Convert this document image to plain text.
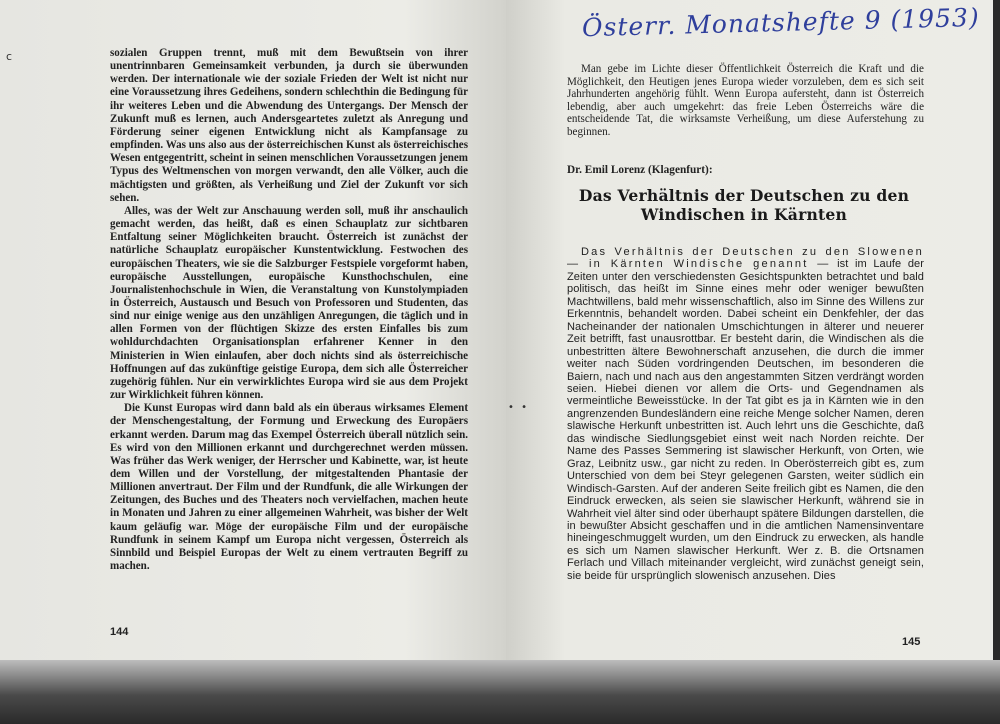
c	sozialen Gruppen trennt, muß mit dem Bewußtsein von ihrer unentrinnbaren Gemeinsamkeit verbunden, ja durch sie überwunden werden. Der internationale wie der soziale Frieden der Welt ist nicht nur eine Voraussetzung ihres Gedeihens, sondern schlechthin die Bedingung für ihr weiteres Leben und die Abwendung des Untergangs. Der Mensch der Zukunft muß es lernen, auch Andersgeartetes zuletzt als Anregung und Förderung seiner eigenen Entwicklung nicht als Kampfansage zu empfinden. Was uns also aus der österreichischen Kunst als österreichisches Wesen entgegentritt, scheint in seinen menschlichen Voraussetzungen jenem Typus des Weltmenschen von morgen verwandt, den alle Völker, auch die mächtigsten und größten, als Verheißung und Ziel der Zukunft vor sich sehen.

Alles, was der Welt zur Anschauung werden soll, muß ihr anschaulich gemacht werden, das heißt, daß es einen Schauplatz zur sichtbaren Entfaltung seiner Möglichkeiten braucht. Österreich ist zunächst der natürliche Schauplatz europäischer Kunstentwicklung. Festwochen des europäischen Theaters, wie sie die Salzburger Festspiele vorgeformt haben, europäische Ausstellungen, europäische Kunsthochschulen, eine Journalistenhochschule in Wien, die Veranstaltung von Kunstolympiaden in Österreich, Austausch und Besuch von Professoren und Studenten, das sind nur einige wenige aus den unzähligen Anregungen, die täglich und in allen Formen von der flüchtigen Skizze des ersten Einfalles bis zum wohldurchdachten Organisationsplan erfahrener Kenner in den Ministerien in Wien einlaufen, aber doch nichts sind als österreichische Hoffnungen auf das zukünftige geistige Europa, dem sich alle Österreicher zugehörig fühlen. Nur ein verwirklichtes Europa wird sie aus dem Projekt zur Wirklichkeit führen können.

Die Kunst Europas wird dann bald als ein überaus wirksames Element der Menschengestaltung, der Formung und Erweckung des Europäers erkannt werden. Darum mag das Exempel Österreich überall nützlich sein. Es wird von den Millionen erkannt und durchgerechnet werden müssen. Was früher das Werk weniger, der Herrscher und Kabinette, war, ist heute dem Willen und der Vorstellung, der mitgestaltenden Phantasie der Millionen anvertraut. Der Film und der Rundfunk, die alle Wirkungen der Zeitungen, des Buches und des Theaters noch vervielfachen, machen heute in Monaten und Jahren zu einer allgemeinen Wahrheit, was bisher der Welt kaum geläufig war. Möge der europäische Film und der europäische Rundfunk in seinem Kampf um Europa nicht vergessen, Österreich als Sinnbild und Beispiel Europas der Welt zu einem vertrauten Begriff zu machen.

144
• •
Österr. Monatshefte 9 (1953)

Man gebe im Lichte dieser Öffentlichkeit Österreich die Kraft und die Möglichkeit, den Heutigen jenes Europa wieder vorzuleben, dem es sich seit Jahrhunderten angehörig fühlt. Wenn Europa aufersteht, dann ist Österreich lebendig, aber auch umgekehrt: das freie Leben Österreichs wäre die entscheidende Tat, die wirksamste Verheißung, um diese Auferstehung zu beginnen.

Dr. Emil Lorenz (Klagenfurt):
Das Verhältnis der Deutschen zu den Windischen in Kärnten

Das Verhältnis der Deutschen zu den Slowenen — in Kärnten Windische genannt — ist im Laufe der Zeiten unter den verschiedensten Gesichtspunkten betrachtet und bald politisch, das heißt im Sinne eines mehr oder weniger bewußten Machtwillens, bald mehr wissenschaftlich, also im Sinne des Willens zur Erkenntnis, behandelt worden. Dabei scheint ein Denkfehler, der das Nacheinander der nationalen Umschichtungen in älterer und neuerer Zeit betrifft, fast unausrottbar. Er besteht darin, die Windischen als die unbestritten ältere Bewohnerschaft anzusehen, die durch die immer weiter nach Süden vordringenden Deutschen, im besonderen die Baiern, nach und nach aus den angestammten Sitzen verdrängt worden seien. Hiebei dienen vor allem die Orts- und Gegendnamen als vermeintliche Beweisstücke. In der Tat gibt es ja in Kärnten wie in den angrenzenden Bundesländern eine reiche Menge solcher Namen, deren slawische Herkunft unbestritten ist. Auch lehrt uns die Geschichte, daß das windische Siedlungsgebiet einst weit nach Norden reichte. Der Name des Passes Semmering ist slawischer Herkunft, von Orten, wie Graz, Leibnitz usw., gar nicht zu reden. In Oberösterreich gibt es, zum Unterschied von dem bei Steyr gelegenen Garsten, weiter südlich ein Windisch-Garsten. Auf der anderen Seite freilich gibt es Namen, die den Eindruck erwecken, als seien sie slawischer Herkunft, während sie in Wahrheit viel älter sind oder überhaupt spätere Bildungen darstellen, die in bewußter Absicht geschaffen und in die amtlichen Namensinventare hineingeschmuggelt wurden, um den Eindruck zu erwecken, als handle es sich um Namen slawischer Herkunft. Wer z. B. die Ortsnamen Ferlach und Villach miteinander vergleicht, wird zunächst geneigt sein, sie beide für ursprünglich slowenisch anzusehen. Dies

145
